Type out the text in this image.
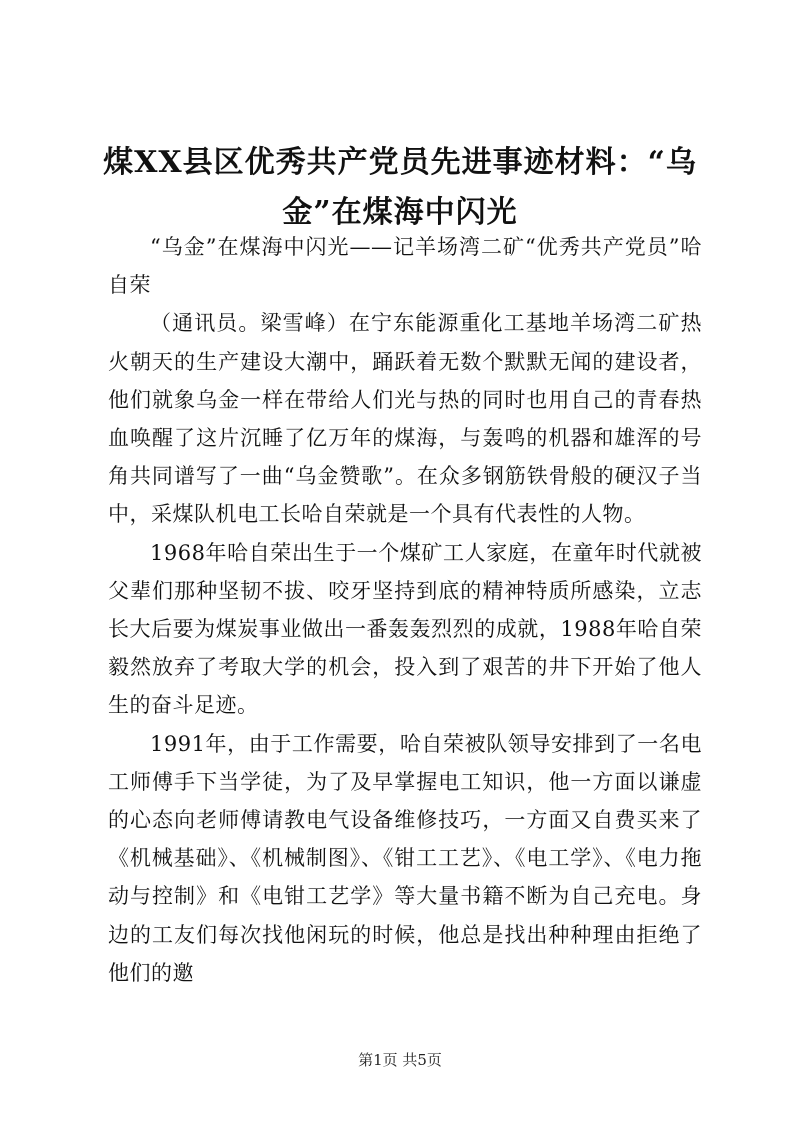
煤XX县区优秀共产党员先进事迹材料：“乌金”在煤海中闪光

“乌金”在煤海中闪光——记羊场湾二矿“优秀共产党员”哈自荣

（通讯员。梁雪峰）在宁东能源重化工基地羊场湾二矿热火朝天的生产建设大潮中，踊跃着无数个默默无闻的建设者，他们就象乌金一样在带给人们光与热的同时也用自己的青春热血唤醒了这片沉睡了亿万年的煤海，与轰鸣的机器和雄浑的号角共同谱写了一曲“乌金赞歌”。在众多钢筋铁骨般的硬汉子当中，采煤队机电工长哈自荣就是一个具有代表性的人物。

1968年哈自荣出生于一个煤矿工人家庭，在童年时代就被父辈们那种坚韧不拔、咬牙坚持到底的精神特质所感染，立志长大后要为煤炭事业做出一番轰轰烈烈的成就，1988年哈自荣毅然放弃了考取大学的机会，投入到了艰苦的井下开始了他人生的奋斗足迹。

1991年，由于工作需要，哈自荣被队领导安排到了一名电工师傅手下当学徒，为了及早掌握电工知识，他一方面以谦虚的心态向老师傅请教电气设备维修技巧，一方面又自费买来了《机械基础》、《机械制图》、《钳工工艺》、《电工学》、《电力拖动与控制》和《电钳工艺学》等大量书籍不断为自己充电。身边的工友们每次找他闲玩的时候，他总是找出种种理由拒绝了他们的邀

第1页 共5页
